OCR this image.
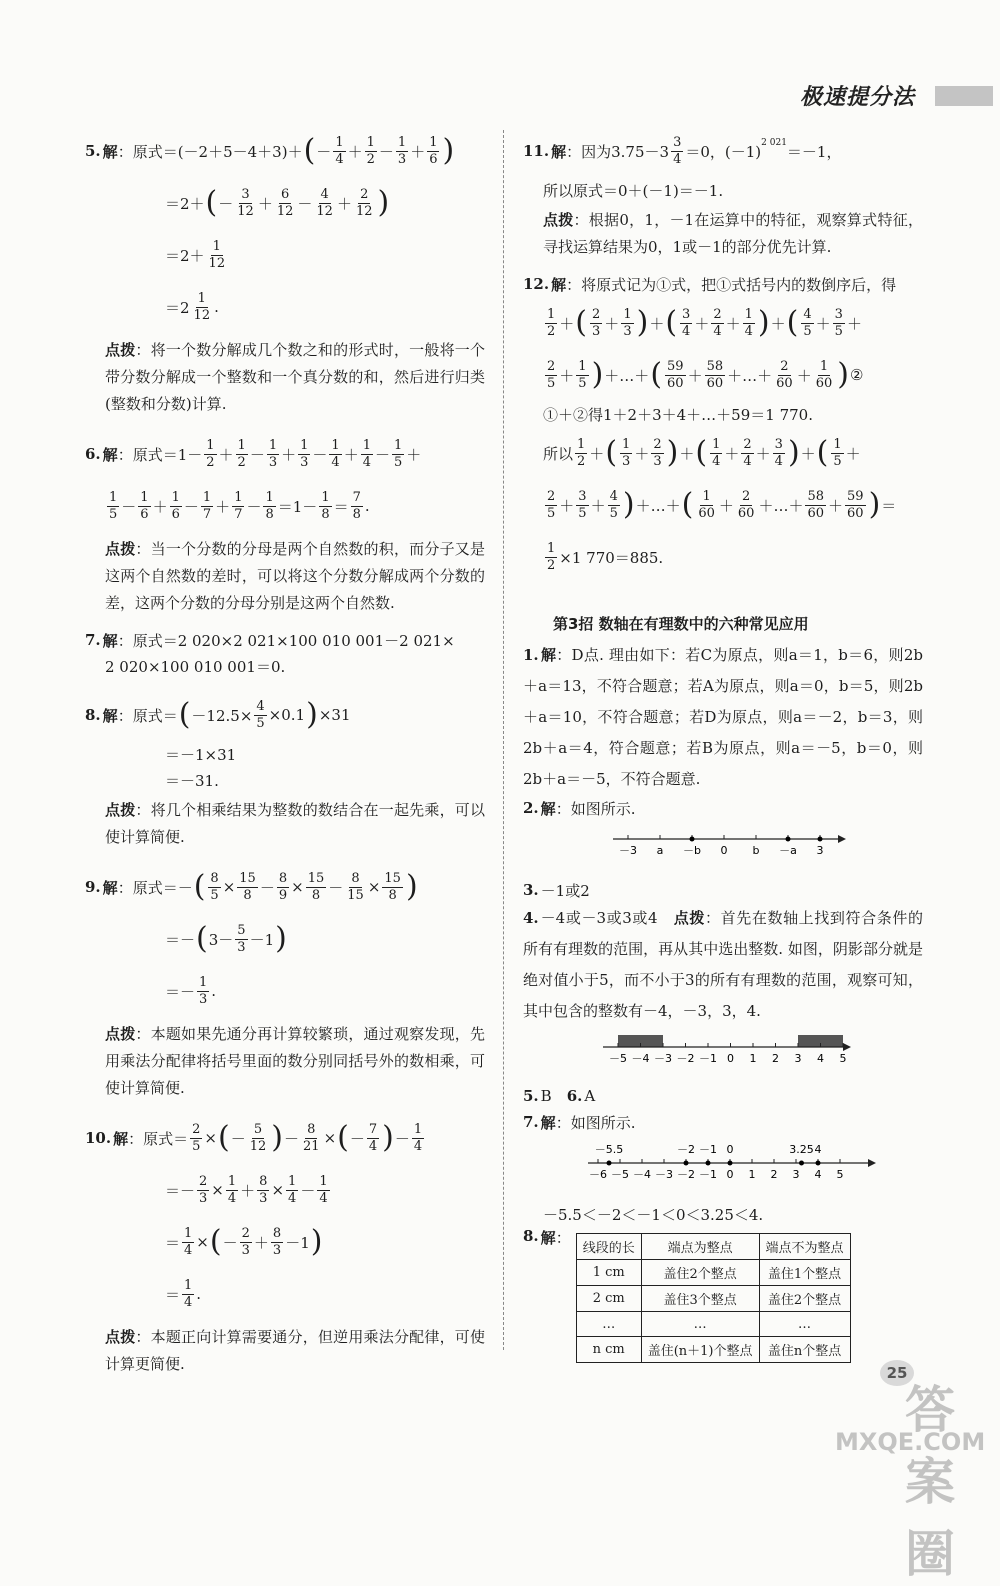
极速提分法
5. 解 ：原式＝(－2＋5－4＋3)＋ ( － $\frac{1}{4} + \frac{1}{2} - \frac{1}{3} + \frac{1}{6}$ )
＝2＋ ( － $\frac{3}{12} + \frac{6}{12} - \frac{4}{12} + \frac{2}{12}$ )
$=2+ \frac{1}{12}$
$=2 \frac{1}{12}$ .
点拨：将一个数分解成几个数之和的形式时，一般将一个带分数分解成一个整数和一个真分数的和，然后进行归类(整数和分数)计算.
6. 解 ：原式$=1- \frac{1}{2} + \frac{1}{2} - \frac{1}{3} + \frac{1}{3} - \frac{1}{4} + \frac{1}{4} - \frac{1}{5}$ ＋
$\frac{1}{5} - \frac{1}{6} + \frac{1}{6} - \frac{1}{7} + \frac{1}{7} - \frac{1}{8} =1- \frac{1}{8} = \frac{7}{8}$ .
点拨：当一个分数的分母是两个自然数的积，而分子又是这两个自然数的差时，可以将这个分数分解成两个分数的差，这两个分数的分母分别是这两个自然数.
7. 解 ：原式＝2 020×2 021×100 010 001－2 021×
2 020×100 010 001＝0.
8. 解 ：原式＝ ( $-12.5\times \frac{4}{5} \times 0.1$ ) ×31
＝－1×31
＝－31.
点拨：将几个相乘结果为整数的数结合在一起先乘，可以使计算简便.
9. 解 ：原式＝－ ( $\frac{8}{5} \times \frac{15}{8} - \frac{8}{9} \times \frac{15}{8} - \frac{8}{15} \times \frac{15}{8}$ )
＝－ ( $3- \frac{5}{3} -1$ )
＝－ $\frac{1}{3}$ .
点拨：本题如果先通分再计算较繁琐，通过观察发现，先用乘法分配律将括号里面的数分别同括号外的数相乘，可使计算简便.
10. 解 ：原式＝ $\frac{2}{5}$ × ( － $\frac{5}{12}$ ) － $\frac{8}{21}$ × ( － $\frac{7}{4}$ ) － $\frac{1}{4}$
＝－ $\frac{2}{3} \times \frac{1}{4} + \frac{8}{3} \times \frac{1}{4} - \frac{1}{4}$
＝ $\frac{1}{4}$ × ( － $\frac{2}{3} + \frac{8}{3} -1$ )
＝ $\frac{1}{4}$ .
点拨：本题正向计算需要通分，但逆用乘法分配律，可使计算更简便.
11. 解 ：因为$3.75-3 \frac{3}{4} =0$，(－1) 2 021 ＝－1，
所以原式＝0＋(－1)＝－1.
点拨：根据0，1，－1在运算中的特征，观察算式特征，寻找运算结果为0，1或－1的部分优先计算.
12. 解 ：将原式记为①式，把①式括号内的数倒序后，得
$\frac{1}{2}$ ＋ ( $\frac{2}{3} + \frac{1}{3}$ ) ＋ ( $\frac{3}{4} + \frac{2}{4} + \frac{1}{4}$ ) ＋ ( $\frac{4}{5} + \frac{3}{5}$ ＋
$\frac{2}{5} + \frac{1}{5}$ ) ＋…＋ ( $\frac{59}{60} + \frac{58}{60}$ ＋…＋ $\frac{2}{60} + \frac{1}{60}$ ) ②
①＋②得1＋2＋3＋4＋…＋59＝1 770.
所以 $\frac{1}{2}$ ＋ ( $\frac{1}{3} + \frac{2}{3}$ ) ＋ ( $\frac{1}{4} + \frac{2}{4} + \frac{3}{4}$ ) ＋ ( $\frac{1}{5}$ ＋
$\frac{2}{5} + \frac{3}{5} + \frac{4}{5}$ ) ＋…＋ ( $\frac{1}{60} + \frac{2}{60}$ ＋…＋ $\frac{58}{60} + \frac{59}{60}$ ) ＝
$\frac{1}{2} \times 1$ 770＝885.
第3招 数轴在有理数中的六种常见应用
1. 解：D点. 理由如下：若C为原点，则a＝1，b＝6，则2b＋a＝13，不符合题意；若A为原点，则a＝0，b＝5，则2b＋a＝10，不符合题意；若D为原点，则a＝－2，b＝3，则2b＋a＝4，符合题意；若B为原点，则a＝－5，b＝0，则2b＋a＝－5，不符合题意.
2. 解 ：如图所示.
－3 a －b 0 b －a 3
3. －1或2
4. －4或－3或3或4　点拨：首先在数轴上找到符合条件的所有有理数的范围，再从其中选出整数. 如图，阴影部分就是绝对值小于5，而不小于3的所有有理数的范围，观察可知，其中包含的整数有－4，－3，3，4.
－5 －4 －3 －2 －1 0 1 2 3 4 5
5. B
　 6. A
7. 解 ：如图所示.
－6 －5 －4 －3 －2 －1 0 1 2 3 4 5
－5.5	－2 －1 0	3.25 4
－5.5＜－2＜－1＜0＜3.25＜4.
8. 解 ：
线段的长	端点为整点	端点不为整点
1 cm	盖住2个整点	盖住1个整点
2 cm	盖住3个整点	盖住2个整点
…	…	…
n cm	盖住(n＋1)个整点	盖住n个整点
25
答案圈
MXQE.COM
